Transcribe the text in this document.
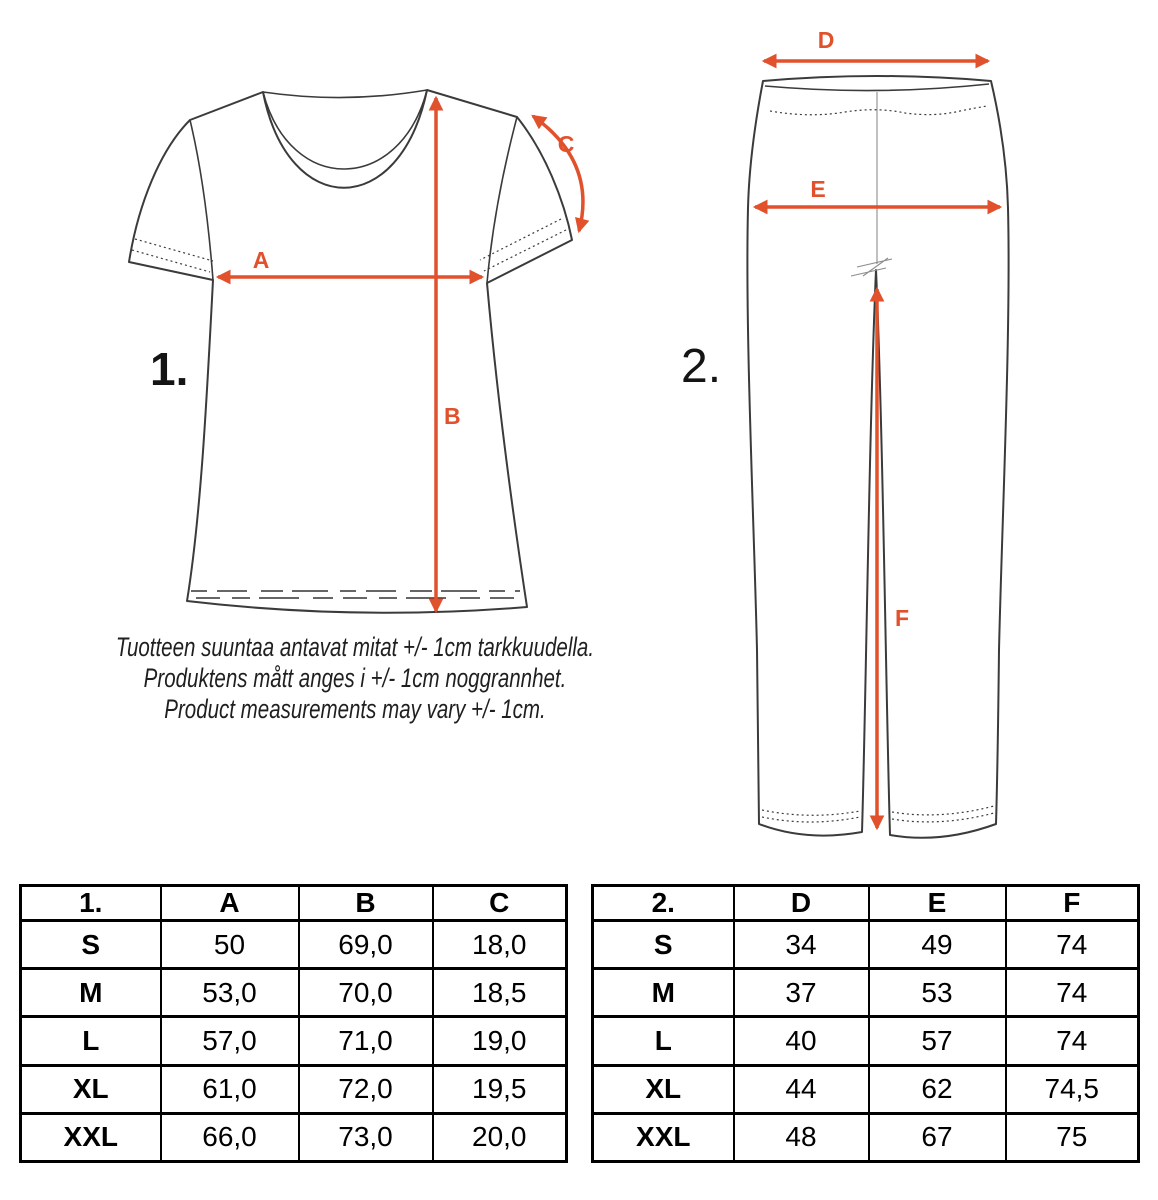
A
B
C
D
E
F
1.	2.
Tuotteen suuntaa antavat mitat +/- 1cm tarkkuudella.
Produktens mått anges i +/- 1cm noggrannhet.
Product measurements may vary +/- 1cm.
1.	A	B	C
S	50	69,0	18,0
M	53,0	70,0	18,5
L	57,0	71,0	19,0
XL	61,0	72,0	19,5
XXL	66,0	73,0	20,0
2.	D	E	F
S	34	49	74
M	37	53	74
L	40	57	74
XL	44	62	74,5
XXL	48	67	75
